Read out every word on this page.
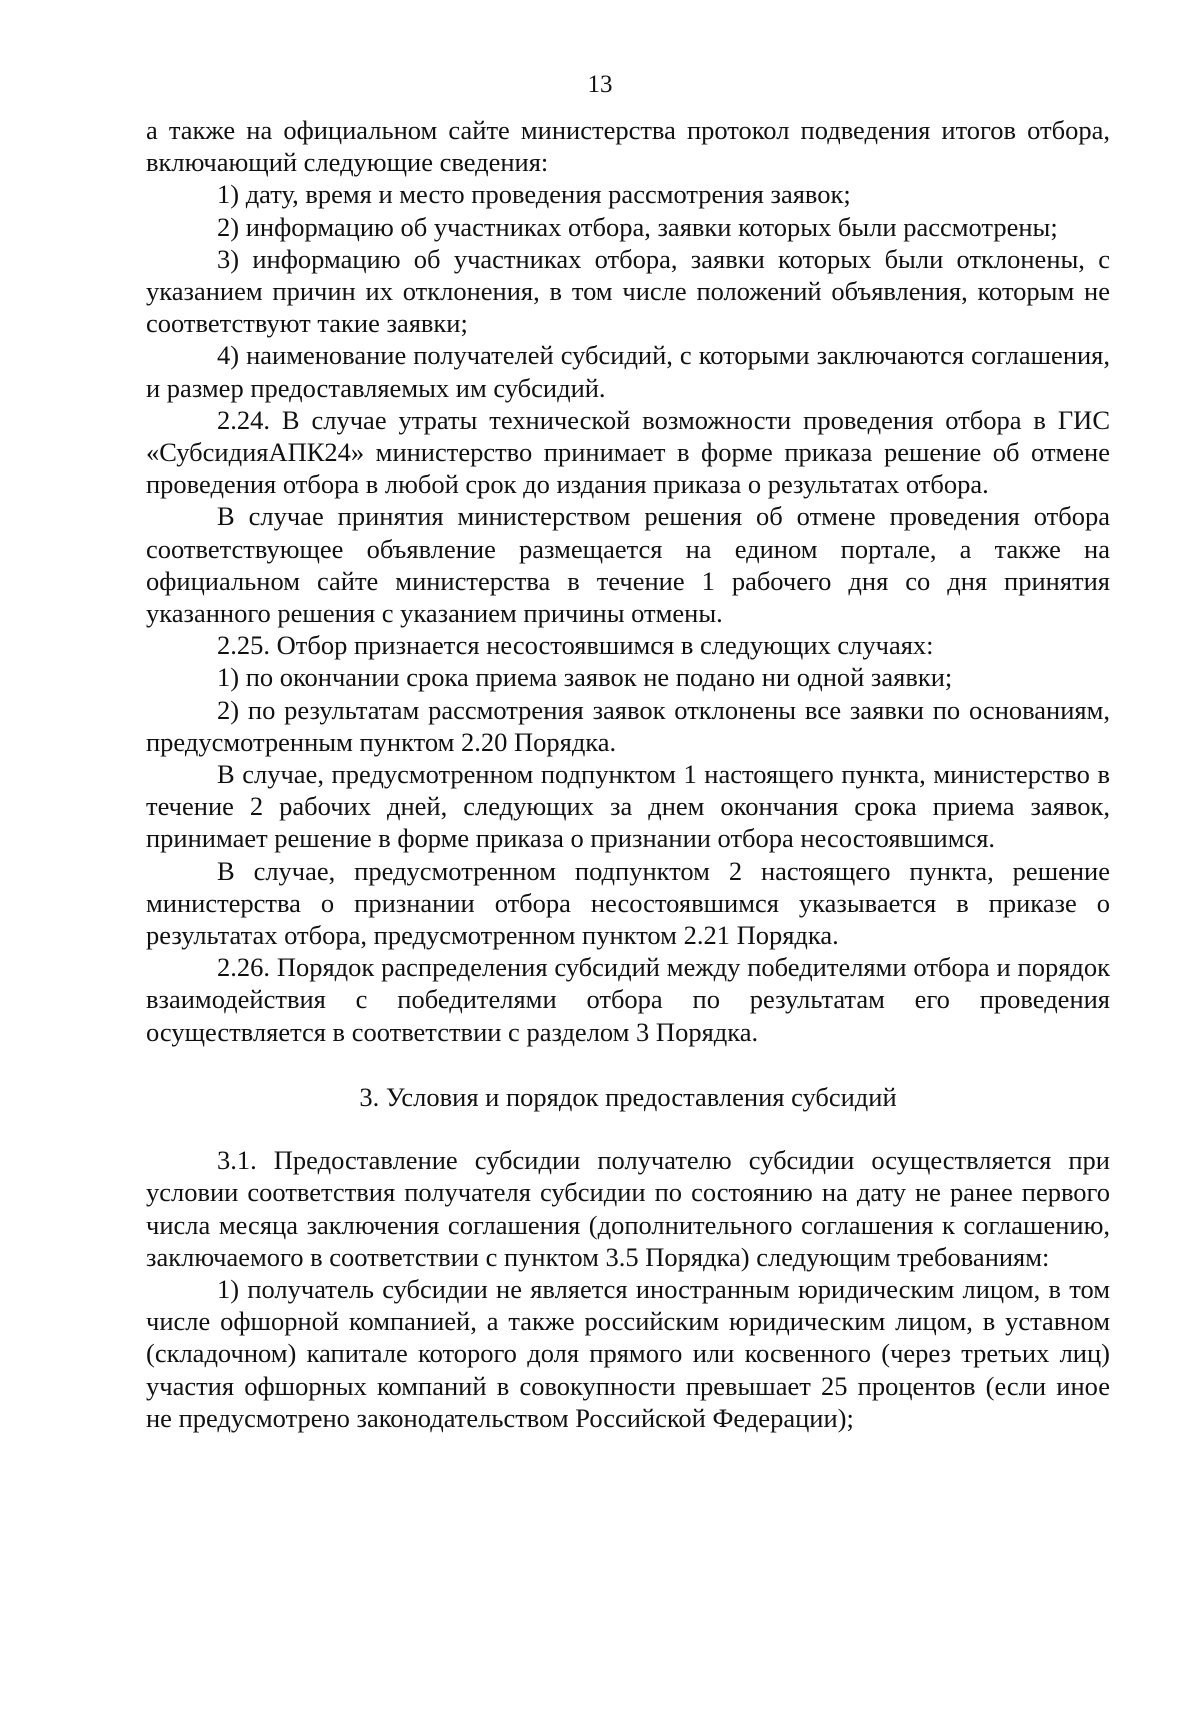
13

а также на официальном сайте министерства протокол подведения итогов отбора, включающий следующие сведения:

1) дату, время и место проведения рассмотрения заявок;

2) информацию об участниках отбора, заявки которых были рассмотрены;

3) информацию об участниках отбора, заявки которых были отклонены, с указанием причин их отклонения, в том числе положений объявления, которым не соответствуют такие заявки;

4) наименование получателей субсидий, с которыми заключаются соглашения, и размер предоставляемых им субсидий.

2.24. В случае утраты технической возможности проведения отбора в ГИС «СубсидияАПК24» министерство принимает в форме приказа решение об отмене проведения отбора в любой срок до издания приказа о результатах отбора.

В случае принятия министерством решения об отмене проведения отбора соответствующее объявление размещается на едином портале, а также на официальном сайте министерства в течение 1 рабочего дня со дня принятия указанного решения с указанием причины отмены.

2.25. Отбор признается несостоявшимся в следующих случаях:

1) по окончании срока приема заявок не подано ни одной заявки;

2) по результатам рассмотрения заявок отклонены все заявки по основаниям, предусмотренным пунктом 2.20 Порядка.

В случае, предусмотренном подпунктом 1 настоящего пункта, министерство в течение 2 рабочих дней, следующих за днем окончания срока приема заявок, принимает решение в форме приказа о признании отбора несостоявшимся.

В случае, предусмотренном подпунктом 2 настоящего пункта, решение министерства о признании отбора несостоявшимся указывается в приказе о результатах отбора, предусмотренном пунктом 2.21 Порядка.

2.26. Порядок распределения субсидий между победителями отбора и порядок взаимодействия с победителями отбора по результатам его проведения осуществляется в соответствии с разделом 3 Порядка.

3. Условия и порядок предоставления субсидий

3.1. Предоставление субсидии получателю субсидии осуществляется при условии соответствия получателя субсидии по состоянию на дату не ранее первого числа месяца заключения соглашения (дополнительного соглашения к соглашению, заключаемого в соответствии с пунктом 3.5 Порядка) следующим требованиям:

1) получатель субсидии не является иностранным юридическим лицом, в том числе офшорной компанией, а также российским юридическим лицом, в уставном (складочном) капитале которого доля прямого или косвенного (через третьих лиц) участия офшорных компаний в совокупности превышает 25 процентов (если иное не предусмотрено законодательством Российской Федерации);
